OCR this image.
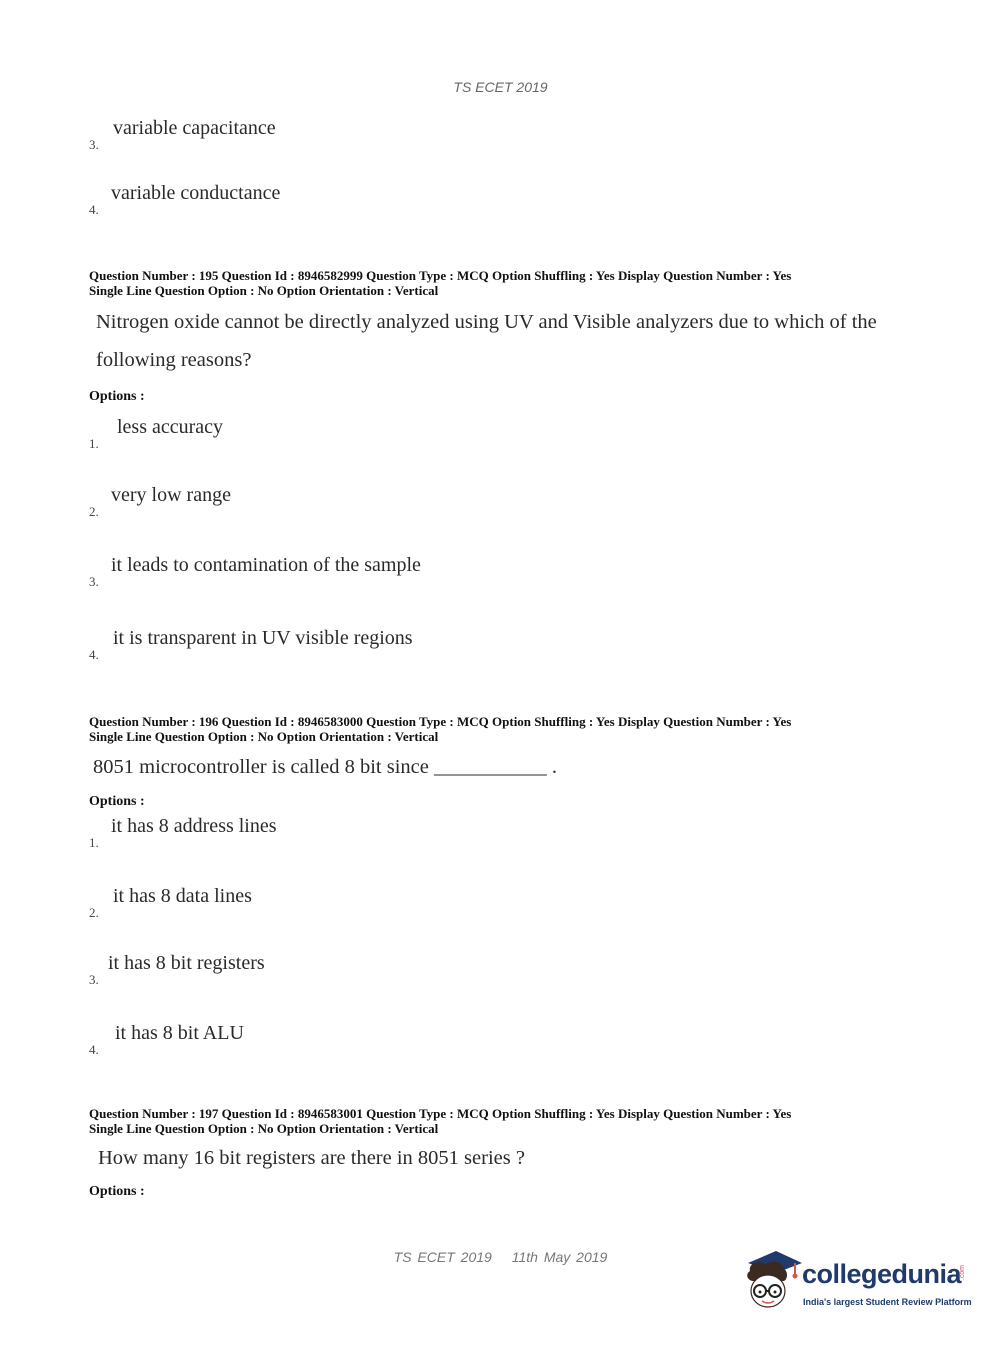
TS ECET 2019
3.
variable capacitance
4.
variable conductance
Question Number : 195 Question Id : 8946582999 Question Type : MCQ Option Shuffling : Yes Display Question Number : Yes
Single Line Question Option : No Option Orientation : Vertical
Nitrogen oxide cannot be directly analyzed using UV and Visible analyzers due to which of the following reasons?
Options :
1.
less accuracy
2.
very low range
3.
it leads to contamination of the sample
4.
it is transparent in UV visible regions
Question Number : 196 Question Id : 8946583000 Question Type : MCQ Option Shuffling : Yes Display Question Number : Yes
Single Line Question Option : No Option Orientation : Vertical
8051 microcontroller is called 8 bit since ___________ .
Options :
1.
it has 8 address lines
2.
it has 8 data lines
3.
it has 8 bit registers
4.
it has 8 bit ALU
Question Number : 197 Question Id : 8946583001 Question Type : MCQ Option Shuffling : Yes Display Question Number : Yes
Single Line Question Option : No Option Orientation : Vertical
How many 16 bit registers are there in 8051 series ?
Options :
TS ECET 2019 11th May 2019
collegedunia
.com
India's largest Student Review Platform
